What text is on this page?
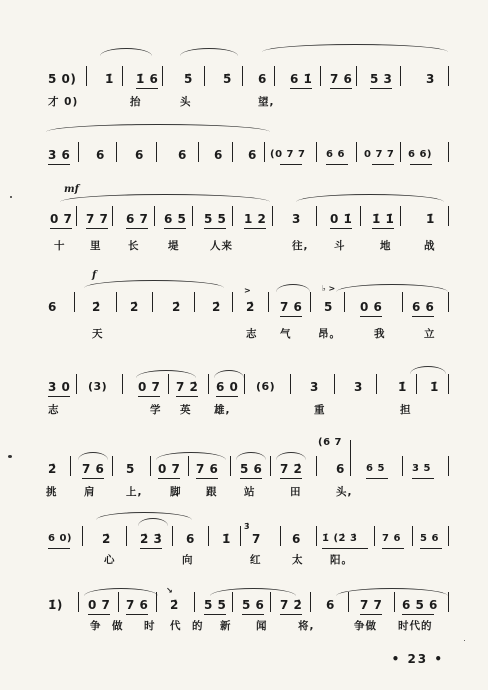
5 0) 1̇ 1̇ 6 5̇	5̇ 6 6 1̇ 7 6 5 3	3
才 0)	抬	头	望,
3 6 6	6	6 6 6 (0 7 7 6 6 0 7 7 6 6)
mf
0 7 7 7 6 7 6 5 5 5 1 2 3 0 1̇ 1̇ 1̇	1̇
十 里	长	堤	人来	往, 斗	地	战
f
>	♭ >
6	2̇ 2̇	2̇	2̇ 2̇ 7 6 5 0 6 6 6
天	志 气	昂。	我	立
3 0 (3)	0 7 7 2̇ 6 0 (6)	3	3	1̇ 1̇
志	学 英 雄,	重	担
(6 7
2̇ 7 6 5 0 7 7 6 5 6 7 2̇	6 6 5	3 5
挑	肩	上,	脚 跟	站	田	头,
3̇
6 0)	2̇ 2̇ 3̇ 6 1̇ 7	6 1̇ (2̇ 3̇ 7 6 5 6
心	向	红	太	阳。
↘
1̇) 0 7 7 6 2̇ 5 5 5 6 7 2̇ 6 7 7 6 5 6
争 做 时 代 的 新 闻	将,	争做 时代的
• 23 •
